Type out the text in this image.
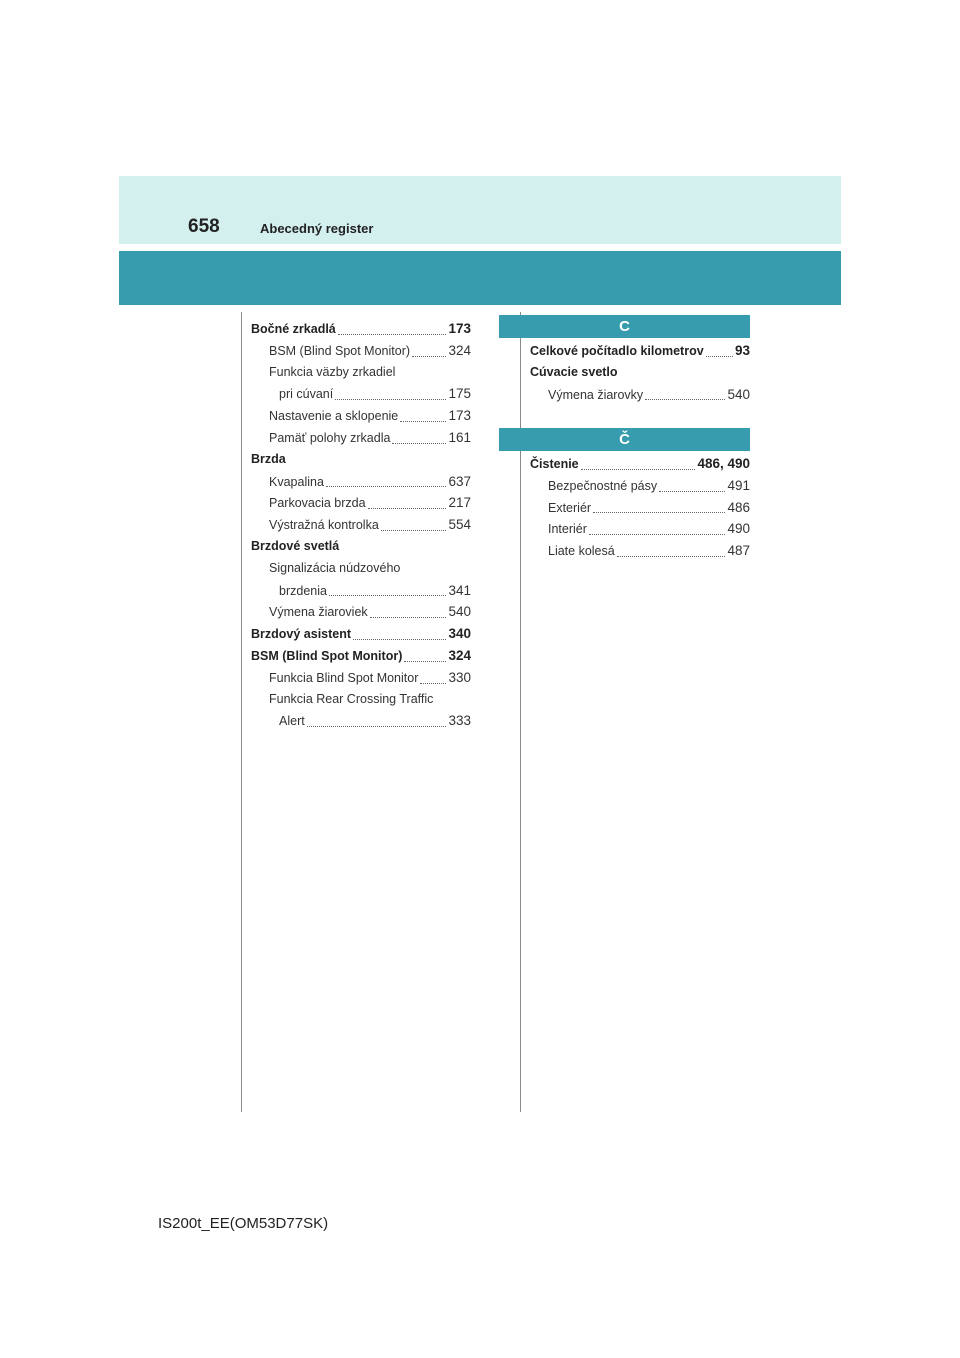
658	Abecedný register
Bočné zrkadlá	173
BSM (Blind Spot Monitor)	324
Funkcia väzby zrkadiel
pri cúvaní	175
Nastavenie a sklopenie	173
Pamäť polohy zrkadla	161
Brzda
Kvapalina	637
Parkovacia brzda	217
Výstražná kontrolka	554
Brzdové svetlá
Signalizácia núdzového
brzdenia	341
Výmena žiaroviek	540
Brzdový asistent	340
BSM (Blind Spot Monitor)	324
Funkcia Blind Spot Monitor 330
Funkcia Rear Crossing Traffic
Alert	333
C
Celkové počítadlo kilometrov 93
Cúvacie svetlo
Výmena žiarovky	540
Č
Čistenie	486, 490
Bezpečnostné pásy	491
Exteriér	486
Interiér	490
Liate kolesá	487
IS200t_EE(OM53D77SK)
